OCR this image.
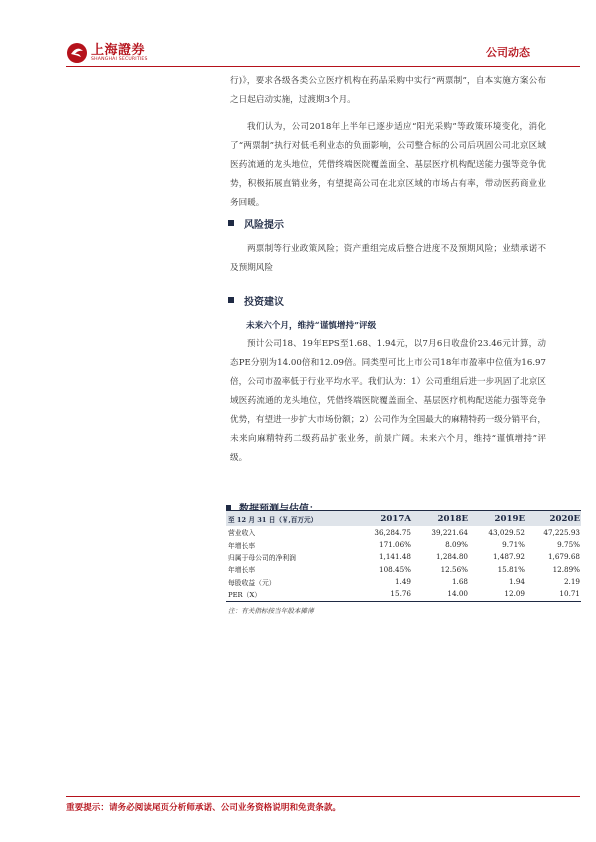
上海證券
SHANGHAI SECURITIES
公司动态

行)》，要求各级各类公立医疗机构在药品采购中实行“两票制”，自本实施方案公布之日起启动实施，过渡期3个月。

我们认为，公司2018年上半年已逐步适应“阳光采购”等政策环境变化，消化了“两票制”执行对低毛利业态的负面影响，公司整合标的公司后巩固公司北京区域医药流通的龙头地位，凭借终端医院覆盖面全、基层医疗机构配送能力强等竞争优势，积极拓展直销业务，有望提高公司在北京区域的市场占有率，带动医药商业业务回暖。

风险提示

两票制等行业政策风险；资产重组完成后整合进度不及预期风险；业绩承诺不及预期风险

投资建议
未来六个月，维持“谨慎增持”评级

预计公司18、19年EPS至1.68、1.94元，以7月6日收盘价23.46元计算，动态PE分别为14.00倍和12.09倍。同类型可比上市公司18年市盈率中位值为16.97倍，公司市盈率低于行业平均水平。我们认为：1）公司重组后进一步巩固了北京区域医药流通的龙头地位，凭借终端医院覆盖面全、基层医疗机构配送能力强等竞争优势，有望进一步扩大市场份额；2）公司作为全国最大的麻精特药一级分销平台，未来向麻精特药二级药品扩张业务，前景广阔。未来六个月，维持“谨慎增持”评级。

至 12 月 31 日（￥,百万元）	2017A	2018E	2019E	2020E
营业收入	36,284.75	39,221.64	43,029.52	47,225.93
年增长率	171.06%	8.09%	9.71%	9.75%
归属于母公司的净利润	1,141.48	1,284.80	1,487.92	1,679.68
年增长率	108.45%	12.56%	15.81%	12.89%
每股收益（元）	1.49	1.68	1.94	2.19
PER（X）	15.76	14.00	12.09	10.71
注：有关指标按当年股本摊薄
重要提示：请务必阅读尾页分析师承诺、公司业务资格说明和免责条款。
